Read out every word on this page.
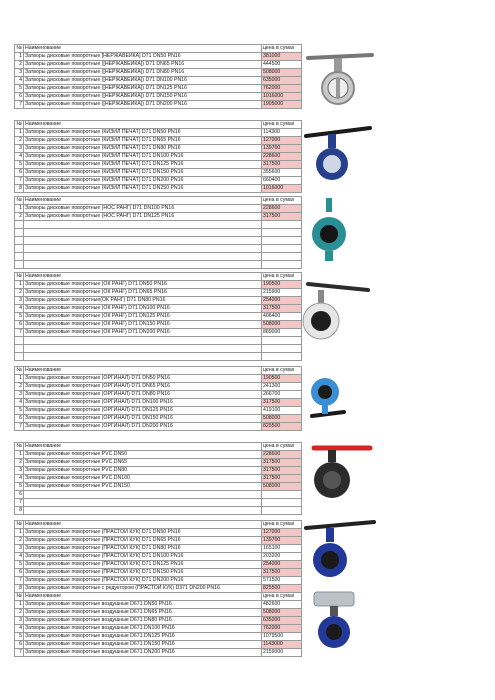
№	Наименование	цена в сумах
1	Затворы дисковые поворотные [НЕРЖАВЕЙКА] D71 DN50 PN16	381000
2	Затворы дисковые поворотные ([НЕРЖАВЕЙКА]) D71 DN65 PN16	444500
3	Затворы дисковые поворотные ([НЕРЖАВЕЙКА]) D71 DN80 PN16	508000
4	Затворы дисковые поворотные ([НЕРЖАВЕЙКА]) D71 DN100 PN16	635000
5	Затворы дисковые поворотные ([НЕРЖАВЕЙКА]) D71 DN125 PN16	762000
6	Затворы дисковые поворотные ([НЕРЖАВЕЙКА]) D71 DN150 PN16	1016000
7	Затворы дисковые поворотные ([НЕРЖАВЕЙКА]) D71 DN200 PN16	1905000
№	Наименование	цена в сумах
1	Затворы дисковые поворотные (КИЗИЛ ПЕЧАТ) D71 DN50 PN16	114300
2	Затворы дисковые поворотные (КИЗИЛ ПЕЧАТ) D71 DN65 PN16	127000
3	Затворы дисковые поворотные (КИЗИЛ ПЕЧАТ) D71 DN80 PN16	139700
4	Затворы дисковые поворотные (КИЗИЛ ПЕЧАТ) D71 DN100 PN16	228600
5	Затворы дисковые поворотные (КИЗИЛ ПЕЧАТ) D71 DN125 PN16	317500
6	Затворы дисковые поворотные (КИЗИЛ ПЕЧАТ) D71 DN150 PN16	355600
7	Затворы дисковые поворотные (КИЗИЛ ПЕЧАТ) D71 DN200 PN16	660400
8	Затворы дисковые поворотные (КИЗИЛ ПЕЧАТ) D71 DN250 PN16	1016000
№	Наименование	цена в сумах
1	Затворы дисковые поворотные (НОС РАНГ) D71 DN100 PN16	228600
2	Затворы дисковые поворотные (НОС РАНГ) D71 DN125 PN16	317500

№	Наименование	цена в сумах
1	Затворы дисковые поворотные (ОК РАНГ) D71 DN50 PN16	190500
2	Затворы дисковые поворотные (ОК РАНГ) D71 DN65 PN16	215900
3	Затворы дисковые поворотные(ОК РАНГ) D71 DN80 PN16	254000
4	Затворы дисковые поворотные (ОК РАНГ) D71 DN100 PN16	317500
5	Затворы дисковые поворотные (ОК РАНГ) D71 DN125 PN16	406400
6	Затворы дисковые поворотные (ОК РАНГ) D71 DN150 PN16	508000
7	Затворы дисковые поворотные (ОК РАНГ) D71 DN200 PN16	889000

№	Наименование	цена в сумах
1	Затворы дисковые поворотные (ОРГИНАЛ) D71 DN50 PN16	190500
2	Затворы дисковые поворотные (ОРГИНАЛ) D71 DN65 PN16	241300
3	Затворы дисковые поворотные (ОРГИНАЛ) D71 DN80 PN16	266700
4	Затворы дисковые поворотные (ОРГИНАЛ) D71 DN100 PN16	317500
5	Затворы дисковые поворотные (ОРГИНАЛ) D71 DN125 PN16	419100
6	Затворы дисковые поворотные (ОРГИНАЛ) D71 DN150 PN16	508000
7	Затворы дисковые поворотные (ОРГИНАЛ) D71 DN200 PN16	825500
№	Наименование	цена в сумах
1	Затворы дисковые поворотные PVC DN50	228600
2	Затворы дисковые поворотные PVC DN65	317500
3	Затворы дисковые поворотные PVC DN80	317500
4	Затворы дисковые поворотные PVC DN100	317500
5	Затворы дисковые поворотные PVC DN150	508000
6		
7		
8		
№	Наименование	цена в сумах
1	Затворы дисковые поворотные (ПРАСТОЙ КУК) D71 DN50 PN16	127000
2	Затворы дисковые поворотные (ПРАСТОЙ КУК) D71 DN65 PN16	139700
3	Затворы дисковые поворотные (ПРАСТОЙ КУК) D71 DN80 PN16	165100
4	Затворы дисковые поворотные (ПРАСТОЙ КУК) D71 DN100 PN16	203200
5	Затворы дисковые поворотные (ПРАСТОЙ КУК) D71 DN125 PN16	254000
6	Затворы дисковые поворотные (ПРАСТОЙ КУК) D71 DN150 PN16	317500
7	Затворы дисковые поворотные (ПРАСТОЙ КУК) D71 DN200 PN16	571500
8	Затворы дисковые поворотные с редуктором (ПРАСТОЙ КУК) D371 DN200 PN16	825500
№	Наименование	цена в сумах
1	Затворы дисковые поворотные воздушные D671 DN50 PN16	482600
2	Затворы дисковые поворотные воздушные D671 DN65 PN16	508000
3	Затворы дисковые поворотные воздушные D671 DN80 PN16	635000
4	Затворы дисковые поворотные воздушные D671 DN100 PN16	762000
5	Затворы дисковые поворотные воздушные D671 DN125 PN16	1079500
6	Затворы дисковые поворотные воздушные D671 DN150 PN16	1143000
7	Затворы дисковые поворотные воздушные D671 DN200 PN16	2159000
